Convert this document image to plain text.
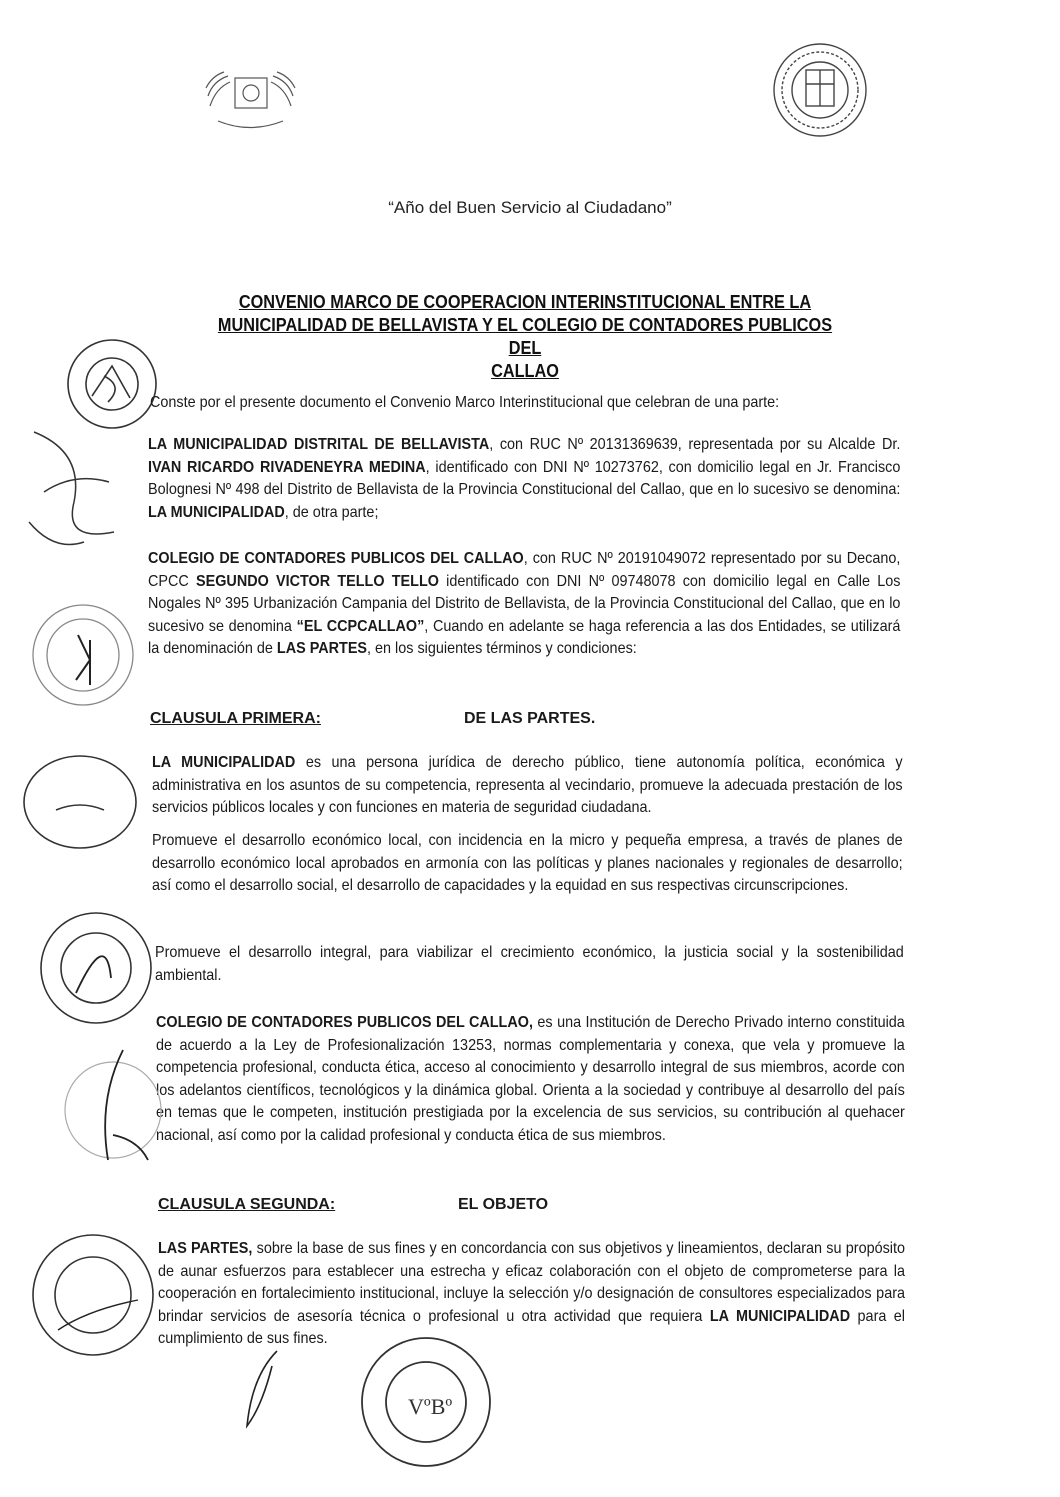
“Año del Buen Servicio al Ciudadano”
CONVENIO MARCO DE COOPERACION INTERINSTITUCIONAL ENTRE LA
MUNICIPALIDAD DE BELLAVISTA Y EL COLEGIO DE CONTADORES PUBLICOS DEL
CALLAO
Conste por el presente documento el Convenio Marco Interinstitucional que celebran de una parte:
LA MUNICIPALIDAD DISTRITAL DE BELLAVISTA, con RUC Nº 20131369639, representada por su Alcalde Dr. IVAN RICARDO RIVADENEYRA MEDINA, identificado con DNI Nº 10273762, con domicilio legal en Jr. Francisco Bolognesi Nº 498 del Distrito de Bellavista de la Provincia Constitucional del Callao, que en lo sucesivo se denomina: LA MUNICIPALIDAD, de otra parte;
COLEGIO DE CONTADORES PUBLICOS DEL CALLAO, con RUC Nº 20191049072 representado por su Decano, CPCC SEGUNDO VICTOR TELLO TELLO identificado con DNI Nº 09748078 con domicilio legal en Calle Los Nogales Nº 395 Urbanización Campania del Distrito de Bellavista, de la Provincia Constitucional del Callao, que en lo sucesivo se denomina “EL CCPCALLAO”, Cuando en adelante se haga referencia a las dos Entidades, se utilizará la denominación de LAS PARTES, en los siguientes términos y condiciones:
CLAUSULA PRIMERA:	DE LAS PARTES.
LA MUNICIPALIDAD es una persona jurídica de derecho público, tiene autonomía política, económica y administrativa en los asuntos de su competencia, representa al vecindario, promueve la adecuada prestación de los servicios públicos locales y con funciones en materia de seguridad ciudadana.
Promueve el desarrollo económico local, con incidencia en la micro y pequeña empresa, a través de planes de desarrollo económico local aprobados en armonía con las políticas y planes nacionales y regionales de desarrollo; así como el desarrollo social, el desarrollo de capacidades y la equidad en sus respectivas circunscripciones.
Promueve el desarrollo integral, para viabilizar el crecimiento económico, la justicia social y la sostenibilidad ambiental.
COLEGIO DE CONTADORES PUBLICOS DEL CALLAO, es una Institución de Derecho Privado interno constituida de acuerdo a la Ley de Profesionalización 13253, normas complementaria y conexa, que vela y promueve la competencia profesional, conducta ética, acceso al conocimiento y desarrollo integral de sus miembros, acorde con los adelantos científicos, tecnológicos y la dinámica global. Orienta a la sociedad y contribuye al desarrollo del país en temas que le competen, institución prestigiada por la excelencia de sus servicios, su contribución al quehacer nacional, así como por la calidad profesional y conducta ética de sus miembros.
CLAUSULA SEGUNDA:	EL OBJETO
LAS PARTES, sobre la base de sus fines y en concordancia con sus objetivos y lineamientos, declaran su propósito de aunar esfuerzos para establecer una estrecha y eficaz colaboración con el objeto de comprometerse para la cooperación en fortalecimiento institucional, incluye la selección y/o designación de consultores especializados para brindar servicios de asesoría técnica o profesional u otra actividad que requiera LA MUNICIPALIDAD para el cumplimiento de sus fines.
VºBº
